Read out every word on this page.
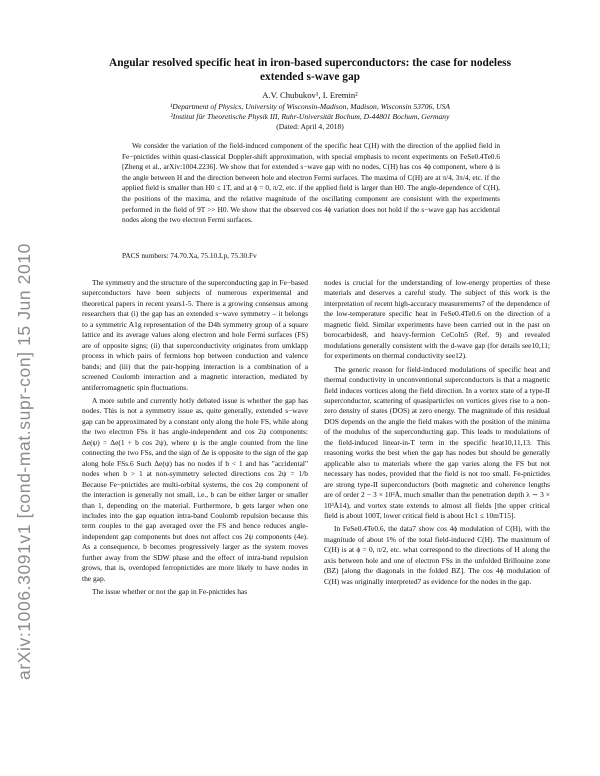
arXiv:1006.3091v1 [cond-mat.supr-con] 15 Jun 2010
Angular resolved specific heat in iron-based superconductors: the case for nodeless
extended s-wave gap
A.V. Chubukov¹, I. Eremin²
¹Department of Physics, University of Wisconsin-Madison, Madison, Wisconsin 53706, USA
²Institut für Theoretische Physik III, Ruhr-Universität Bochum, D-44801 Bochum, Germany
(Dated: April 4, 2018)

We consider the variation of the field-induced component of the specific heat C(H) with the direction of the applied field in Fe−pnictides within quasi-classical Doppler-shift approximation, with special emphasis to recent experiments on FeSe0.4Te0.6 [Zheng et al., arXiv:1004.2236]. We show that for extended s−wave gap with no nodes, C(H) has cos 4ϕ component, where ϕ is the angle between H and the direction between hole and electron Fermi surfaces. The maxima of C(H) are at π/4, 3π/4, etc. if the applied field is smaller than H0 ≤ 1T, and at ϕ = 0, π/2, etc. if the applied field is larger than H0. The angle-dependence of C(H), the positions of the maxima, and the relative magnitude of the oscillating component are consistent with the experiments performed in the field of 9T >> H0. We show that the observed cos 4ϕ variation does not hold if the s−wave gap has accidental nodes along the two electron Fermi surfaces.

PACS numbers: 74.70.Xa, 75.10.Lp, 75.30.Fv

The symmetry and the structure of the superconducting gap in Fe−based superconductors have been subjects of numerous experimental and theoretical papers in recent years1-5. There is a growing consensus among researchers that (i) the gap has an extended s−wave symmetry – it belongs to a symmetric A1g representation of the D4h symmetry group of a square lattice and its average values along electron and hole Fermi surfaces (FS) are of opposite signs; (ii) that superconductivity originates from umklapp process in which pairs of fermions hop between conduction and valence bands; and (iii) that the pair-hopping interaction is a combination of a screened Coulomb interaction and a magnetic interaction, mediated by antiferromagnetic spin fluctuations.

A more subtle and currently hotly debated issue is whether the gap has nodes. This is not a symmetry issue as, quite generally, extended s−wave gap can be approximated by a constant only along the hole FS, while along the two electron FSs it has angle-independent and cos 2ψ components: Δe(ψ) = Δe(1 + b cos 2ψ), where ψ is the angle counted from the line connecting the two FSs, and the sign of Δe is opposite to the sign of the gap along hole FSs.6 Such Δe(ψ) has no nodes if b < 1 and has "accidental" nodes when b > 1 at non-symmetry selected directions cos 2ψ = 1/b Because Fe−pnictides are multi-orbital systems, the cos 2ψ component of the interaction is generally not small, i.e., b can be either larger or smaller than 1, depending on the material. Furthermore, b gets larger when one includes into the gap equation intra-band Coulomb repulsion because this term couples to the gap averaged over the FS and hence reduces angle-independent gap components but does not affect cos 2ψ components (4e). As a consequence, b becomes progressively larger as the system moves further away from the SDW phase and the effect of intra-band repulsion grows, that is, overdoped ferropnictides are more likely to have nodes in the gap.

The issue whether or not the gap in Fe-pnictides has

nodes is crucial for the understanding of low-energy properties of these materials and deserves a careful study. The subject of this work is the interpretation of recent high-accuracy measurements7 of the dependence of the low-temperature specific heat in FeSe0.4Te0.6 on the direction of a magnetic field. Similar experiments have been carried out in the past on borocarbides8, and heavy-fermion CeCoIn5 (Ref. 9) and revealed modulations generally consistent with the d-wave gap (for details see10,11; for experiments on thermal conductivity see12).

The generic reason for field-induced modulations of specific heat and thermal conductivity in unconventional superconductors is that a magnetic field induces vortices along the field direction. In a vortex state of a type-II superconductor, scattering of quasiparticles on vortices gives rise to a non-zero density of states (DOS) at zero energy. The magnitude of this residual DOS depends on the angle the field makes with the position of the minima of the modulus of the superconducting gap. This leads to modulations of the field-induced linear-in-T term in the specific heat10,11,13. This reasoning works the best when the gap has nodes but should be generally applicable also to materials where the gap varies along the FS but not necessary has nodes, provided that the field is not too small. Fe-pnictides are strong type-II superconductors (both magnetic and coherence lengths are of order 2 − 3 × 10²Å, much smaller than the penetration depth λ ∼ 3 × 10³Å14), and vortex state extends to almost all fields [the upper critical field is about 100T, lower critical field is about Hc1 ≤ 10mT15].

In FeSe0.4Te0.6, the data7 show cos 4ϕ modulation of C(H), with the magnitude of about 1% of the total field-induced C(H). The maximum of C(H) is at ϕ = 0, π/2, etc. what correspond to the directions of H along the axis between hole and one of electron FSs in the unfolded Brillouine zone (BZ) [along the diagonals in the folded BZ]. The cos 4ϕ modulation of C(H) was originally interpreted7 as evidence for the nodes in the gap.
